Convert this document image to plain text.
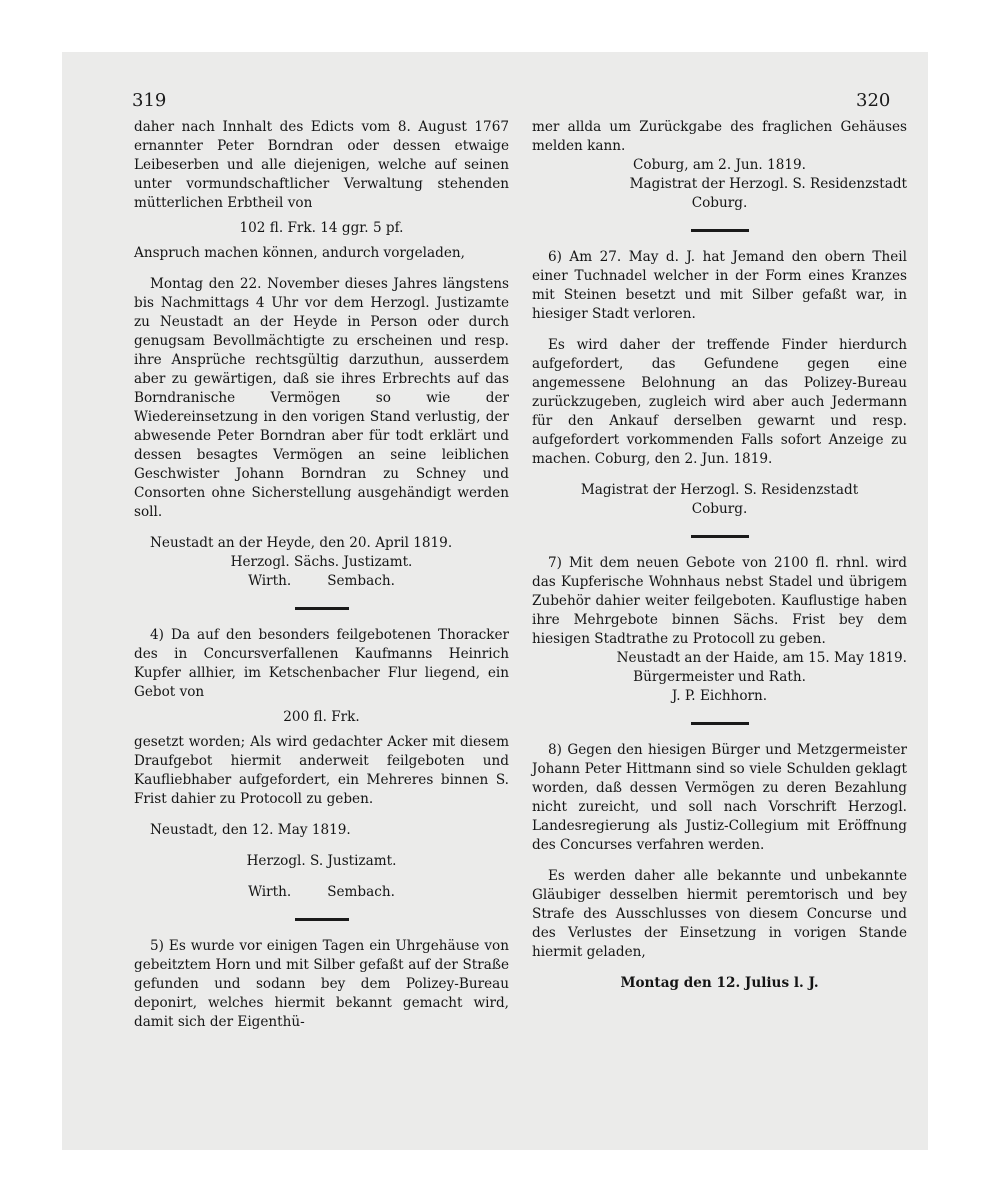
319	320

daher nach Innhalt des Edicts vom 8. August 1767 ernannter Peter Borndran oder dessen etwaige Leibeserben und alle diejenigen, welche auf seinen unter vormundschaftlicher Verwaltung stehenden mütterlichen Erbtheil von

102 fl. Frk. 14 ggr. 5 pf.

Anspruch machen können, andurch vorgeladen,

Montag den 22. November dieses Jahres längstens bis Nachmittags 4 Uhr vor dem Herzogl. Justizamte zu Neustadt an der Heyde in Person oder durch genugsam Bevollmächtigte zu erscheinen und resp. ihre Ansprüche rechtsgültig darzuthun, ausserdem aber zu gewärtigen, daß sie ihres Erbrechts auf das Borndranische Vermögen so wie der Wiedereinsetzung in den vorigen Stand verlustig, der abwesende Peter Borndran aber für todt erklärt und dessen besagtes Vermögen an seine leiblichen Geschwister Johann Borndran zu Schney und Consorten ohne Sicherstellung ausgehändigt werden soll.

Neustadt an der Heyde, den 20. April 1819.

Herzogl. Sächs. Justizamt.

Wirth.	Sembach.

4) Da auf den besonders feilgebotenen Thoracker des in Concursverfallenen Kaufmanns Heinrich Kupfer allhier, im Ketschenbacher Flur liegend, ein Gebot von

200 fl. Frk.

gesetzt worden; Als wird gedachter Acker mit diesem Draufgebot hiermit anderweit feilgeboten und Kaufliebhaber aufgefordert, ein Mehreres binnen S. Frist dahier zu Protocoll zu geben.

Neustadt, den 12. May 1819.

Herzogl. S. Justizamt.

Wirth.	Sembach.

5) Es wurde vor einigen Tagen ein Uhrgehäuse von gebeitztem Horn und mit Silber gefaßt auf der Straße gefunden und sodann bey dem Polizey-Bureau deponirt, welches hiermit bekannt gemacht wird, damit sich der Eigenthü-

mer allda um Zurückgabe des fraglichen Gehäuses melden kann.

Coburg, am 2. Jun. 1819.

Magistrat der Herzogl. S. Residenzstadt

Coburg.

6) Am 27. May d. J. hat Jemand den obern Theil einer Tuchnadel welcher in der Form eines Kranzes mit Steinen besetzt und mit Silber gefaßt war, in hiesiger Stadt verloren.

Es wird daher der treffende Finder hierdurch aufgefordert, das Gefundene gegen eine angemessene Belohnung an das Polizey-Bureau zurückzugeben, zugleich wird aber auch Jedermann für den Ankauf derselben gewarnt und resp. aufgefordert vorkommenden Falls sofort Anzeige zu machen. Coburg, den 2. Jun. 1819.

Magistrat der Herzogl. S. Residenzstadt

Coburg.

7) Mit dem neuen Gebote von 2100 fl. rhnl. wird das Kupferische Wohnhaus nebst Stadel und übrigem Zubehör dahier weiter feilgeboten. Kauflustige haben ihre Mehrgebote binnen Sächs. Frist bey dem hiesigen Stadtrathe zu Protocoll zu geben.

Neustadt an der Haide, am 15. May 1819.

Bürgermeister und Rath.

J. P. Eichhorn.

8) Gegen den hiesigen Bürger und Metzgermeister Johann Peter Hittmann sind so viele Schulden geklagt worden, daß dessen Vermögen zu deren Bezahlung nicht zureicht, und soll nach Vorschrift Herzogl. Landesregierung als Justiz-Collegium mit Eröffnung des Concurses verfahren werden.

Es werden daher alle bekannte und unbekannte Gläubiger desselben hiermit peremtorisch und bey Strafe des Ausschlusses von diesem Concurse und des Verlustes der Einsetzung in vorigen Stande hiermit geladen,

Montag den 12. Julius l. J.
